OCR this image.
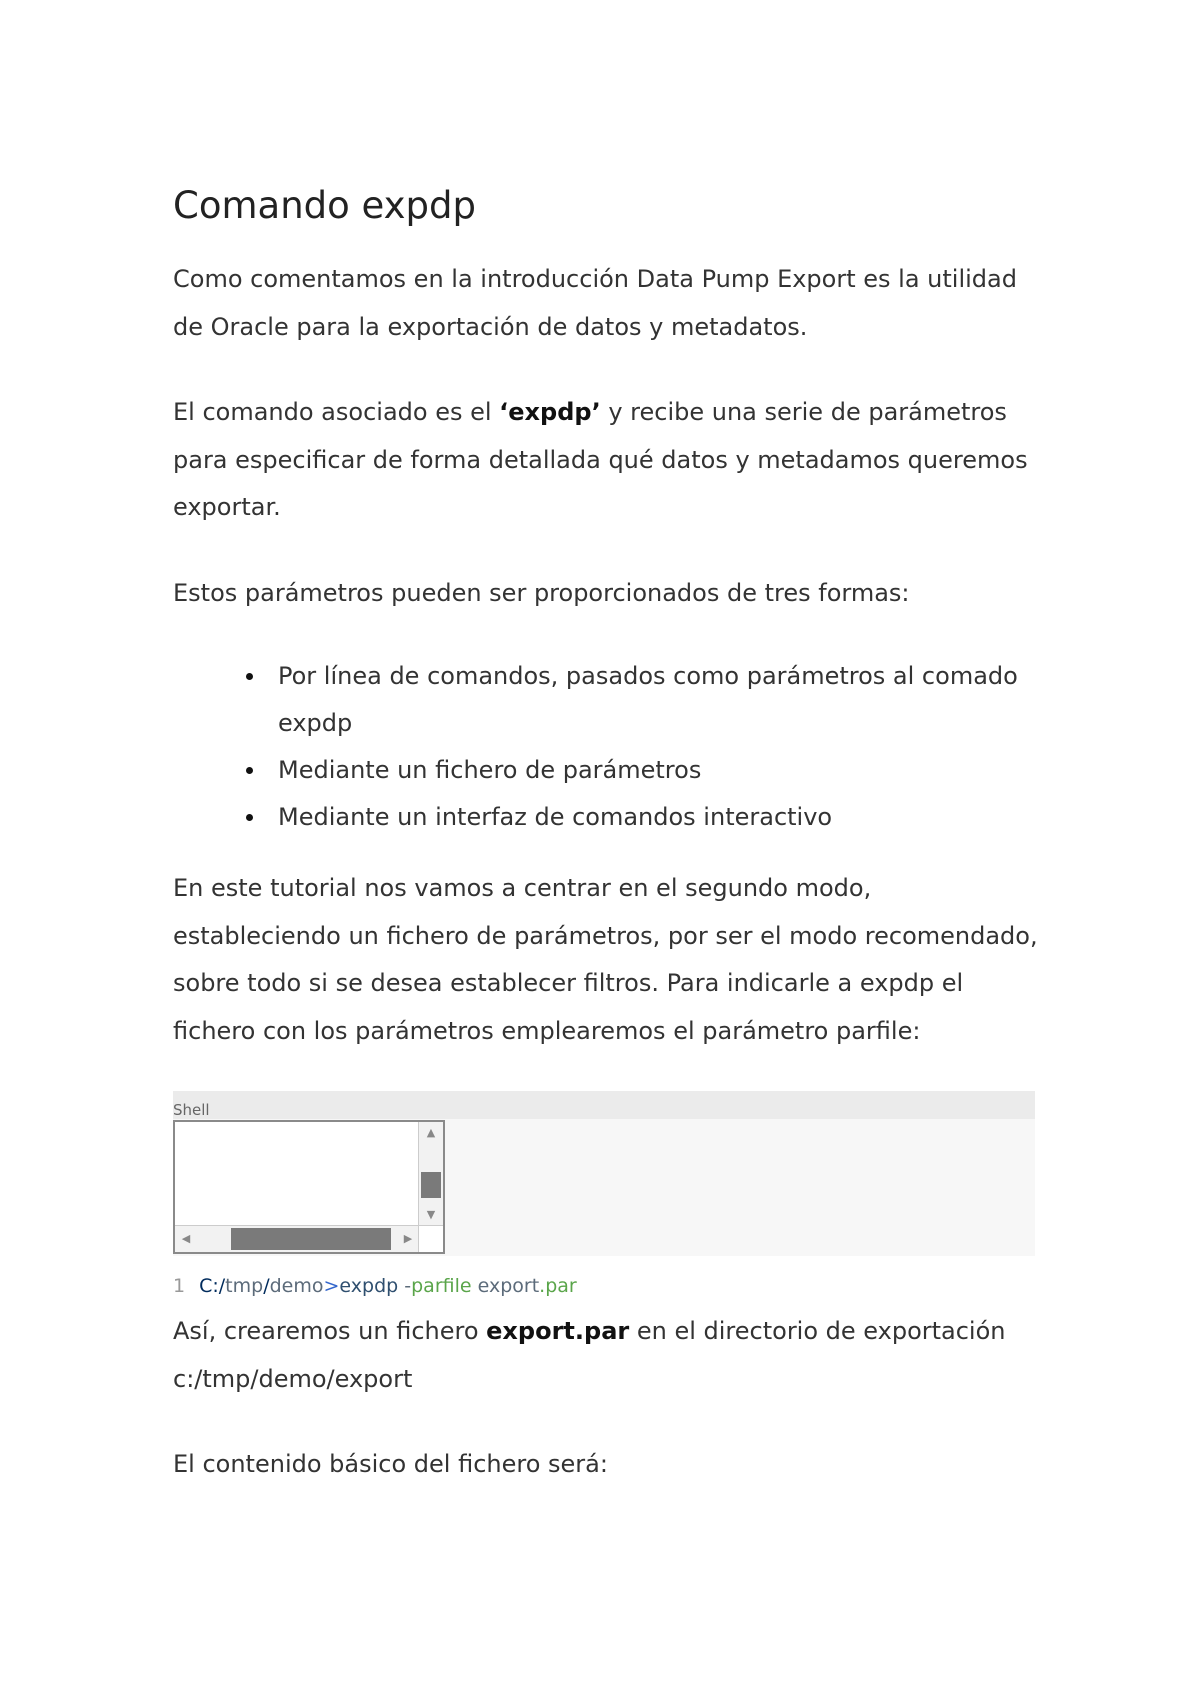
Comando expdp

Como comentamos en la introducción Data Pump Export es la utilidad de Oracle para la exportación de datos y metadatos.

El comando asociado es el ‘expdp’ y recibe una serie de parámetros para especificar de forma detallada qué datos y metadamos queremos exportar.

Estos parámetros pueden ser proporcionados de tres formas:

Por línea de comandos, pasados como parámetros al comado expdp
Mediante un fichero de parámetros
Mediante un interfaz de comandos interactivo

En este tutorial nos vamos a centrar en el segundo modo, estableciendo un fichero de parámetros, por ser el modo recomendado, sobre todo si se desea establecer filtros. Para indicarle a expdp el fichero con los parámetros emplearemos el parámetro parfile:

Shell
▲
▼
◀	▶
1 C:/tmp/demo>expdp -parfile export.par

Así, crearemos un fichero export.par en el directorio de exportación c:/tmp/demo/export

El contenido básico del fichero será:
